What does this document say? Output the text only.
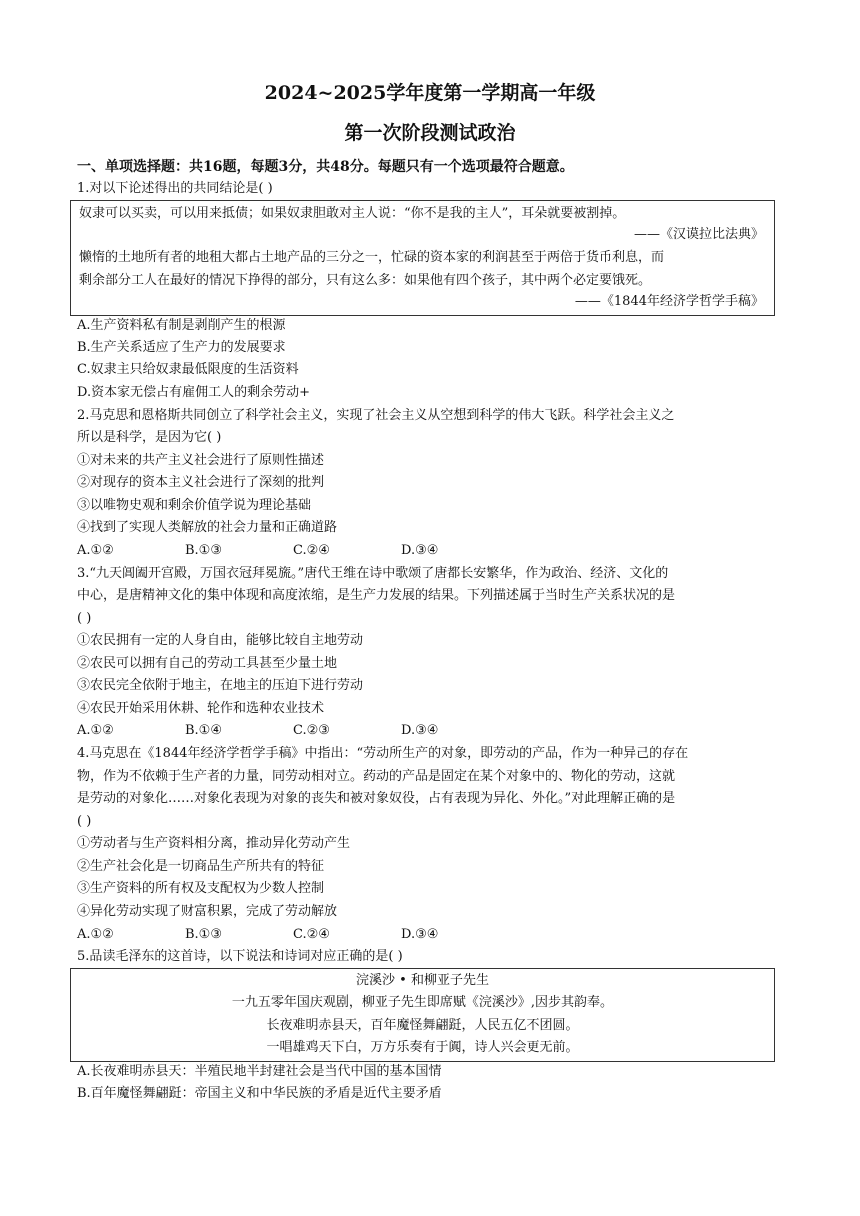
2024~2025学年度第一学期高一年级
第一次阶段测试政治
一、单项选择题：共16题，每题3分，共48分。每题只有一个选项最符合题意。
1.对以下论述得出的共同结论是( )
奴隶可以买卖，可以用来抵债；如果奴隶胆敢对主人说：“你不是我的主人”，耳朵就要被割掉。
——《汉谟拉比法典》
懒惰的土地所有者的地租大都占土地产品的三分之一，忙碌的资本家的利润甚至于两倍于货币利息，而
剩余部分工人在最好的情况下挣得的部分，只有这么多：如果他有四个孩子，其中两个必定要饿死。
——《1844年经济学哲学手稿》
A.生产资料私有制是剥削产生的根源
B.生产关系适应了生产力的发展要求
C.奴隶主只给奴隶最低限度的生活资料
D.资本家无偿占有雇佣工人的剩余劳动+
2.马克思和恩格斯共同创立了科学社会主义，实现了社会主义从空想到科学的伟大飞跃。科学社会主义之
所以是科学，是因为它( )
①对未来的共产主义社会进行了原则性描述
②对现存的资本主义社会进行了深刻的批判
③以唯物史观和剩余价值学说为理论基础
④找到了实现人类解放的社会力量和正确道路
A.①②	B.①③	C.②④	D.③④
3.“九天阊阖开宫殿，万国衣冠拜冕旒。”唐代王维在诗中歌颂了唐都长安繁华，作为政治、经济、文化的
中心，是唐精神文化的集中体现和高度浓缩，是生产力发展的结果。下列描述属于当时生产关系状况的是
( )
①农民拥有一定的人身自由，能够比较自主地劳动
②农民可以拥有自己的劳动工具甚至少量土地
③农民完全依附于地主，在地主的压迫下进行劳动
④农民开始采用休耕、轮作和选种农业技术
A.①②	B.①④	C.②③	D.③④
4.马克思在《1844年经济学哲学手稿》中指出：“劳动所生产的对象，即劳动的产品，作为一种异己的存在
物，作为不依赖于生产者的力量，同劳动相对立。药动的产品是固定在某个对象中的、物化的劳动，这就
是劳动的对象化……对象化表现为对象的丧失和被对象奴役，占有表现为异化、外化。”对此理解正确的是
( )
①劳动者与生产资料相分离，推动异化劳动产生
②生产社会化是一切商品生产所共有的特征
③生产资料的所有权及支配权为少数人控制
④异化劳动实现了财富积累，完成了劳动解放
A.①②	B.①③	C.②④	D.③④
5.品读毛泽东的这首诗，以下说法和诗词对应正确的是( )
浣溪沙 • 和柳亚子先生
一九五零年国庆观剧，柳亚子先生即席赋《浣溪沙》,因步其韵奉。
长夜难明赤县天，百年魔怪舞翩跹，人民五亿不团圆。
一唱雄鸡天下白，万方乐奏有于阗，诗人兴会更无前。
A.长夜难明赤县天：半殖民地半封建社会是当代中国的基本国情
B.百年魔怪舞翩跹：帝国主义和中华民族的矛盾是近代主要矛盾
